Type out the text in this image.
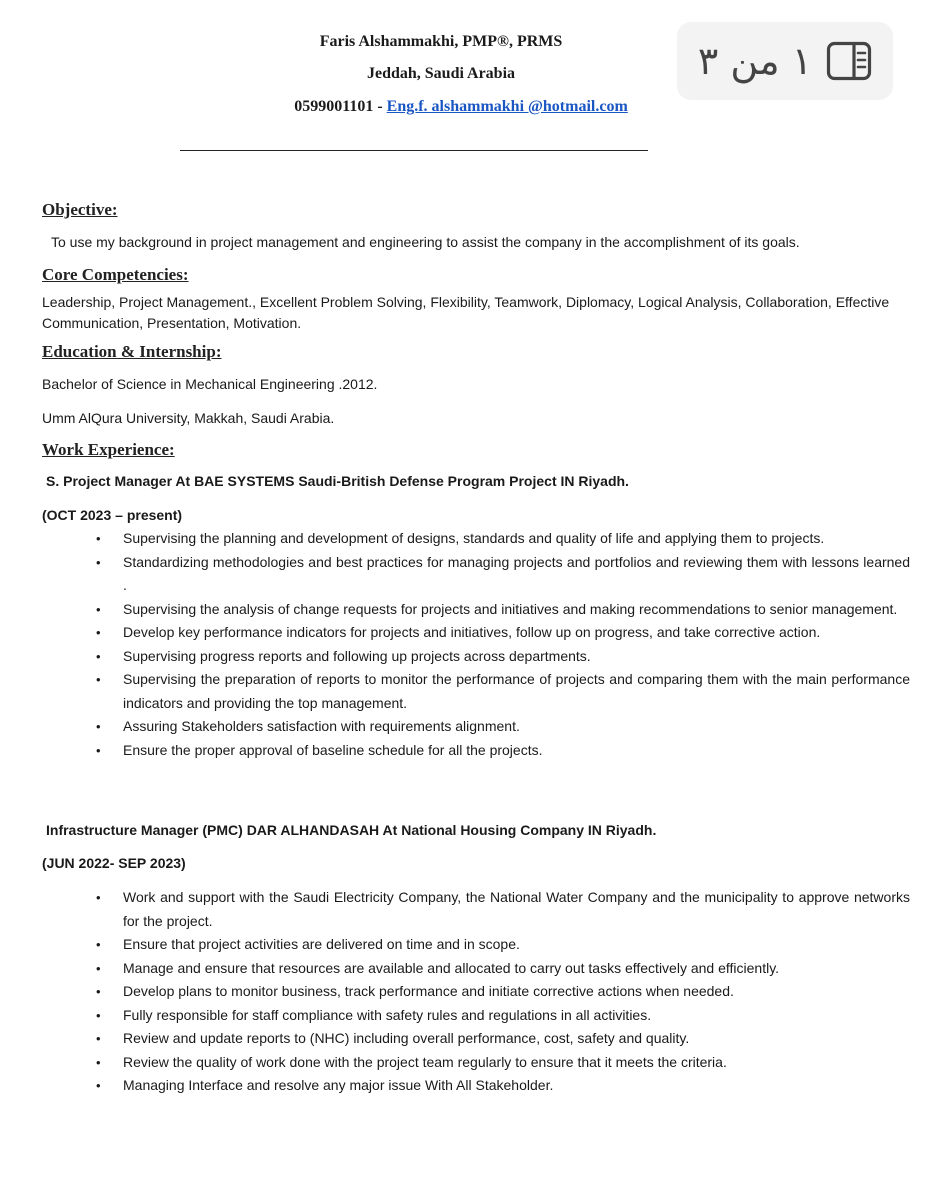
Faris Alshammakhi, PMP®, PRMS
Jeddah, Saudi Arabia
0599001101 - Eng.f. alshammakhi @hotmail.com
١ من ٣
Objective:
To use my background in project management and engineering to assist the company in the accomplishment of its goals.
Core Competencies:
Leadership, Project Management., Excellent Problem Solving, Flexibility, Teamwork, Diplomacy, Logical Analysis, Collaboration, Effective Communication, Presentation, Motivation.
Education & Internship:
Bachelor of Science in Mechanical Engineering .2012.
Umm AlQura University, Makkah, Saudi Arabia.
Work Experience:
S. Project Manager At BAE SYSTEMS Saudi-British Defense Program Project IN Riyadh.
(OCT 2023 – present)
• Supervising the planning and development of designs, standards and quality of life and applying them to projects.
• Standardizing methodologies and best practices for managing projects and portfolios and reviewing them with lessons learned .
• Supervising the analysis of change requests for projects and initiatives and making recommendations to senior management.
• Develop key performance indicators for projects and initiatives, follow up on progress, and take corrective action.
• Supervising progress reports and following up projects across departments.
• Supervising the preparation of reports to monitor the performance of projects and comparing them with the main performance indicators and providing the top management.
• Assuring Stakeholders satisfaction with requirements alignment.
• Ensure the proper approval of baseline schedule for all the projects.
Infrastructure Manager (PMC) DAR ALHANDASAH At National Housing Company IN Riyadh.
(JUN 2022- SEP 2023)
• Work and support with the Saudi Electricity Company, the National Water Company and the municipality to approve networks for the project.
• Ensure that project activities are delivered on time and in scope.
• Manage and ensure that resources are available and allocated to carry out tasks effectively and efficiently.
• Develop plans to monitor business, track performance and initiate corrective actions when needed.
• Fully responsible for staff compliance with safety rules and regulations in all activities.
• Review and update reports to (NHC) including overall performance, cost, safety and quality.
• Review the quality of work done with the project team regularly to ensure that it meets the criteria.
• Managing Interface and resolve any major issue With All Stakeholder.
